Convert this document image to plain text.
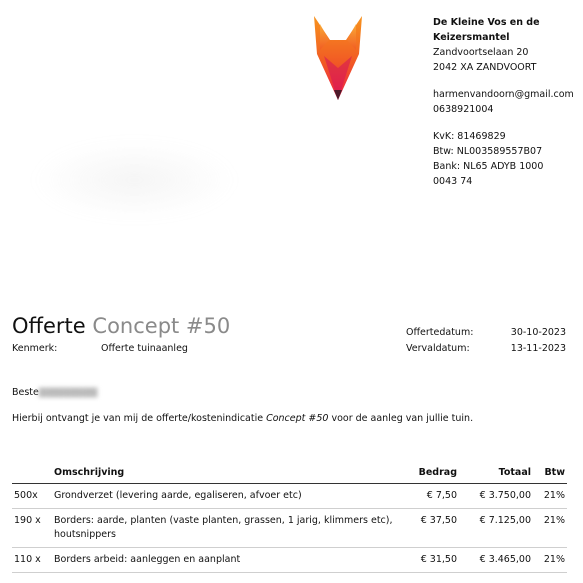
De Kleine Vos en de
Keizersmantel
Zandvoortselaan 20
2042 XA ZANDVOORT
harmenvandoorn@gmail.com
0638921004
KvK: 81469829
Btw: NL003589557B07
Bank: NL65 ADYB 1000
0043 74
Offerte Concept #50
Kenmerk:	Offerte tuinaanleg
Offertedatum:	30-10-2023
Vervaldatum:	13-11-2023
Beste▇▇▇▇▇▇▇▇
Hierbij ontvangt je van mij de offerte/kostenindicatie Concept #50 voor de aanleg van jullie tuin.
	Omschrijving	Bedrag	Totaal	Btw
500x	Grondverzet (levering aarde, egaliseren, afvoer etc)	€ 7,50	€ 3.750,00	21%
190 x	Borders: aarde, planten (vaste planten, grassen, 1 jarig, klimmers etc), houtsnippers	€ 37,50	€ 7.125,00	21%
110 x	Borders arbeid: aanleggen en aanplant	€ 31,50	€ 3.465,00	21%
